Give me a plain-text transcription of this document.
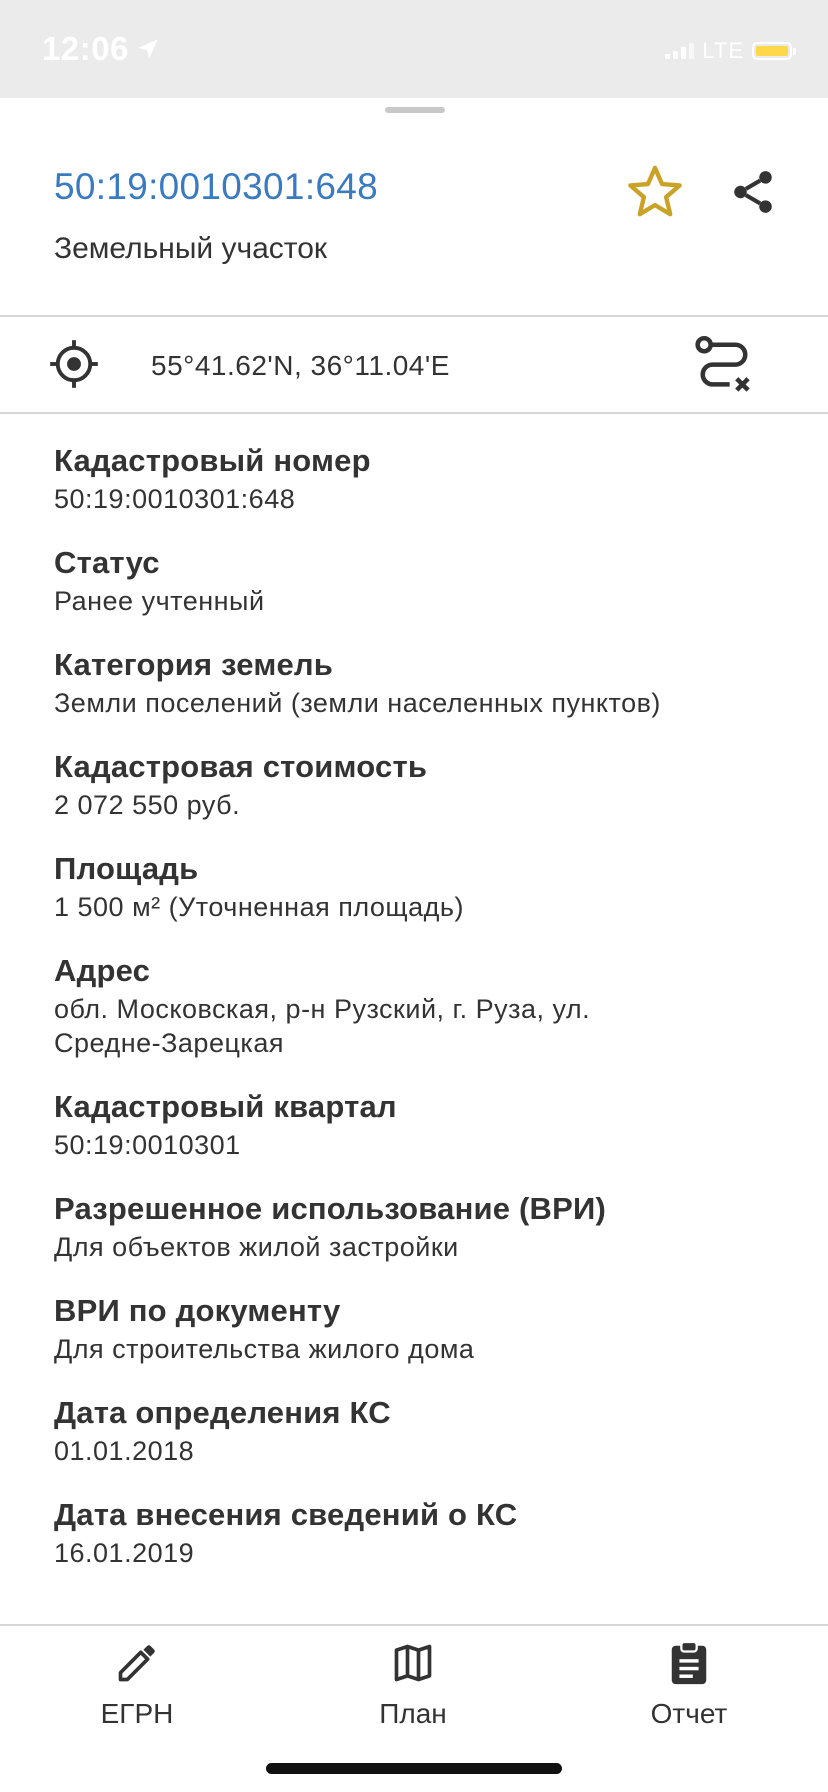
12:06	LTE
50:19:0010301:648
Земельный участок
55°41.62'N, 36°11.04'E
Кадастровый номер
50:19:0010301:648
Статус
Ранее учтенный
Категория земель
Земли поселений (земли населенных пунктов)
Кадастровая стоимость
2 072 550 руб.
Площадь
1 500 м² (Уточненная площадь)
Адрес
обл. Московская, р-н Рузский, г. Руза, ул. Средне-Зарецкая
Кадастровый квартал
50:19:0010301
Разрешенное использование (ВРИ)
Для объектов жилой застройки
ВРИ по документу
Для строительства жилого дома
Дата определения КС
01.01.2018
Дата внесения сведений о КС
16.01.2019
ЕГРН	План	Отчет
